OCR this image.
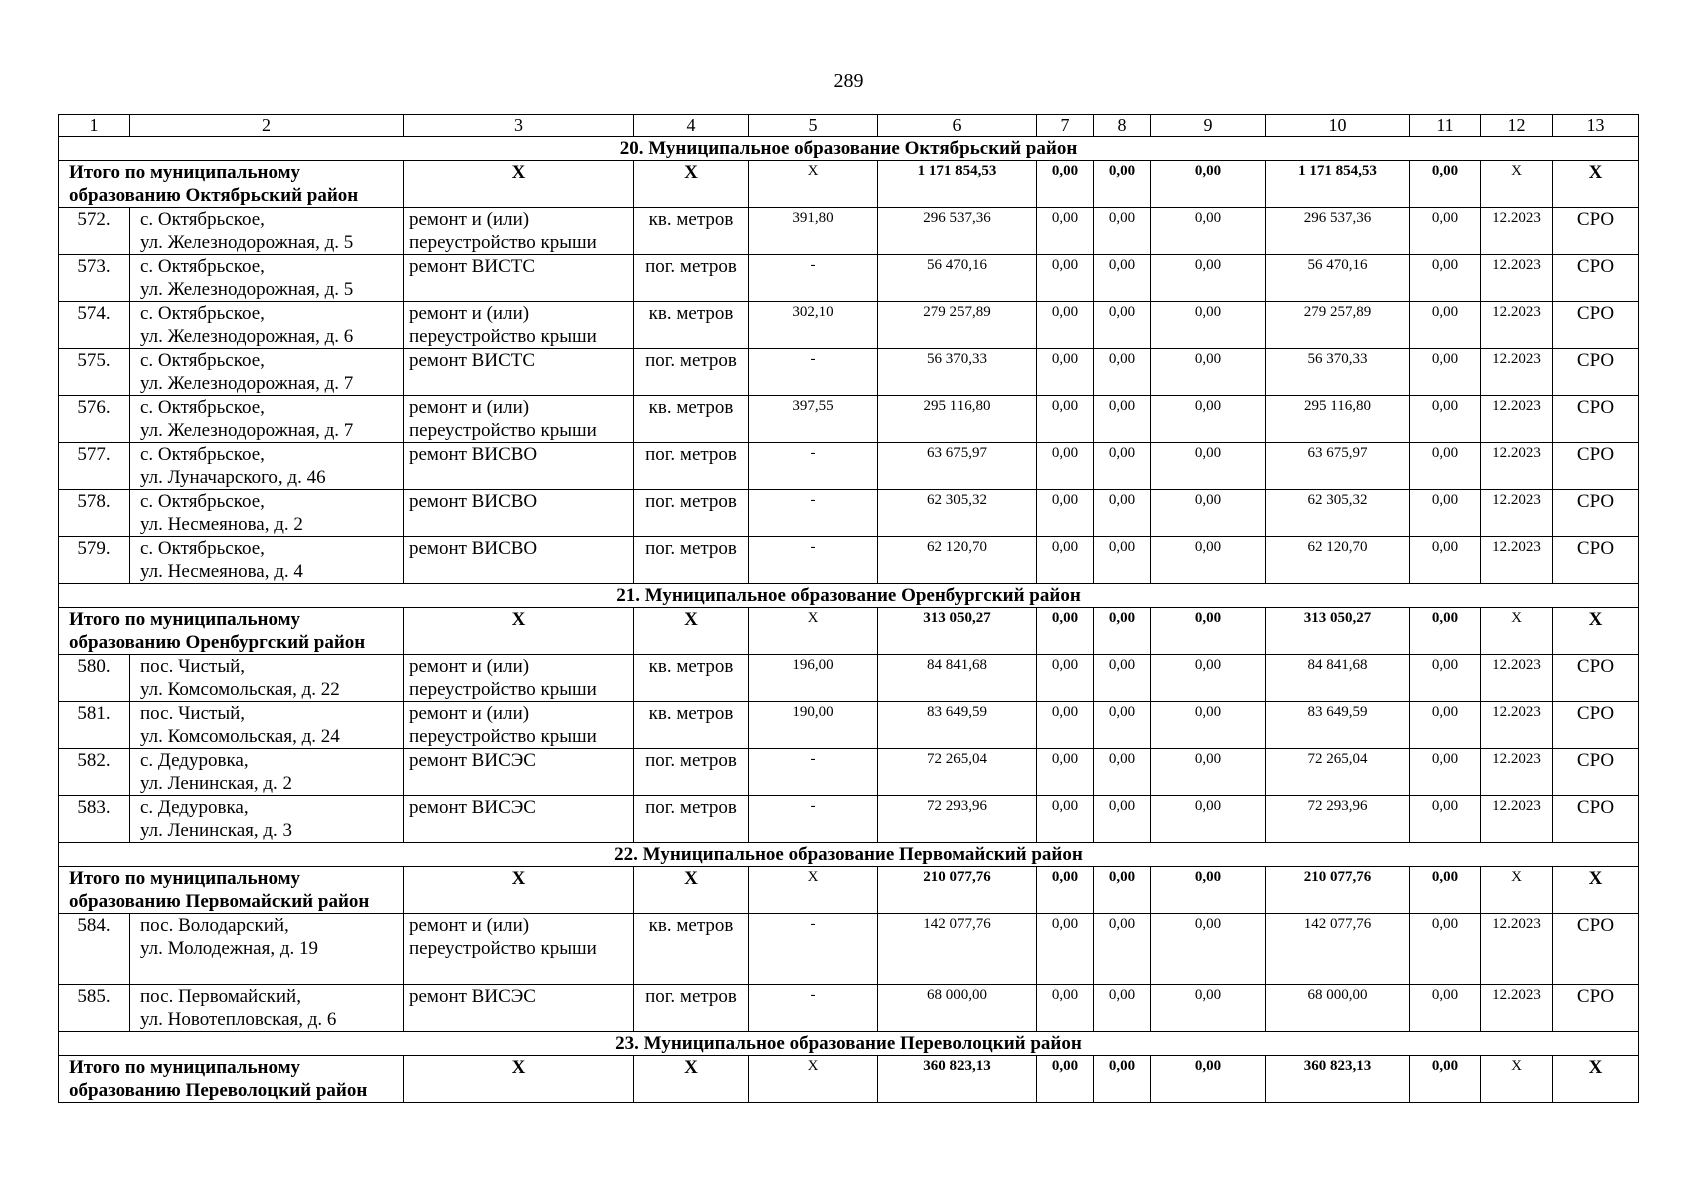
289
1	2	3	4	5	6	7	8	9	10	11	12	13
20. Муниципальное образование Октябрьский район												
Итого по муниципальному
образованию Октябрьский район		Х	Х	Х	1 171 854,53	0,00	0,00	0,00	1 171 854,53	0,00	Х	Х
572.	с. Октябрьское,
ул. Железнодорожная, д. 5	ремонт и (или)
переустройство крыши	кв. метров	391,80	296 537,36	0,00	0,00	0,00	296 537,36	0,00	12.2023	СРО
573.	с. Октябрьское,
ул. Железнодорожная, д. 5	ремонт ВИСТС	пог. метров	-	56 470,16	0,00	0,00	0,00	56 470,16	0,00	12.2023	СРО
574.	с. Октябрьское,
ул. Железнодорожная, д. 6	ремонт и (или)
переустройство крыши	кв. метров	302,10	279 257,89	0,00	0,00	0,00	279 257,89	0,00	12.2023	СРО
575.	с. Октябрьское,
ул. Железнодорожная, д. 7	ремонт ВИСТС	пог. метров	-	56 370,33	0,00	0,00	0,00	56 370,33	0,00	12.2023	СРО
576.	с. Октябрьское,
ул. Железнодорожная, д. 7	ремонт и (или)
переустройство крыши	кв. метров	397,55	295 116,80	0,00	0,00	0,00	295 116,80	0,00	12.2023	СРО
577.	с. Октябрьское,
ул. Луначарского, д. 46	ремонт ВИСВО	пог. метров	-	63 675,97	0,00	0,00	0,00	63 675,97	0,00	12.2023	СРО
578.	с. Октябрьское,
ул. Несмеянова, д. 2	ремонт ВИСВО	пог. метров	-	62 305,32	0,00	0,00	0,00	62 305,32	0,00	12.2023	СРО
579.	с. Октябрьское,
ул. Несмеянова, д. 4	ремонт ВИСВО	пог. метров	-	62 120,70	0,00	0,00	0,00	62 120,70	0,00	12.2023	СРО
21. Муниципальное образование Оренбургский район												
Итого по муниципальному
образованию Оренбургский район		Х	Х	Х	313 050,27	0,00	0,00	0,00	313 050,27	0,00	Х	Х
580.	пос. Чистый,
ул. Комсомольская, д. 22	ремонт и (или)
переустройство крыши	кв. метров	196,00	84 841,68	0,00	0,00	0,00	84 841,68	0,00	12.2023	СРО
581.	пос. Чистый,
ул. Комсомольская, д. 24	ремонт и (или)
переустройство крыши	кв. метров	190,00	83 649,59	0,00	0,00	0,00	83 649,59	0,00	12.2023	СРО
582.	с. Дедуровка,
ул. Ленинская, д. 2	ремонт ВИСЭС	пог. метров	-	72 265,04	0,00	0,00	0,00	72 265,04	0,00	12.2023	СРО
583.	с. Дедуровка,
ул. Ленинская, д. 3	ремонт ВИСЭС	пог. метров	-	72 293,96	0,00	0,00	0,00	72 293,96	0,00	12.2023	СРО
22. Муниципальное образование Первомайский район												
Итого по муниципальному
образованию Первомайский район		Х	Х	Х	210 077,76	0,00	0,00	0,00	210 077,76	0,00	Х	Х
584.	пос. Володарский,
ул. Молодежная, д. 19	ремонт и (или)
переустройство крыши	кв. метров	-	142 077,76	0,00	0,00	0,00	142 077,76	0,00	12.2023	СРО
585.	пос. Первомайский,
ул. Новотепловская, д. 6	ремонт ВИСЭС	пог. метров	-	68 000,00	0,00	0,00	0,00	68 000,00	0,00	12.2023	СРО
23. Муниципальное образование Переволоцкий район												
Итого по муниципальному
образованию Переволоцкий район		Х	Х	Х	360 823,13	0,00	0,00	0,00	360 823,13	0,00	Х	Х
